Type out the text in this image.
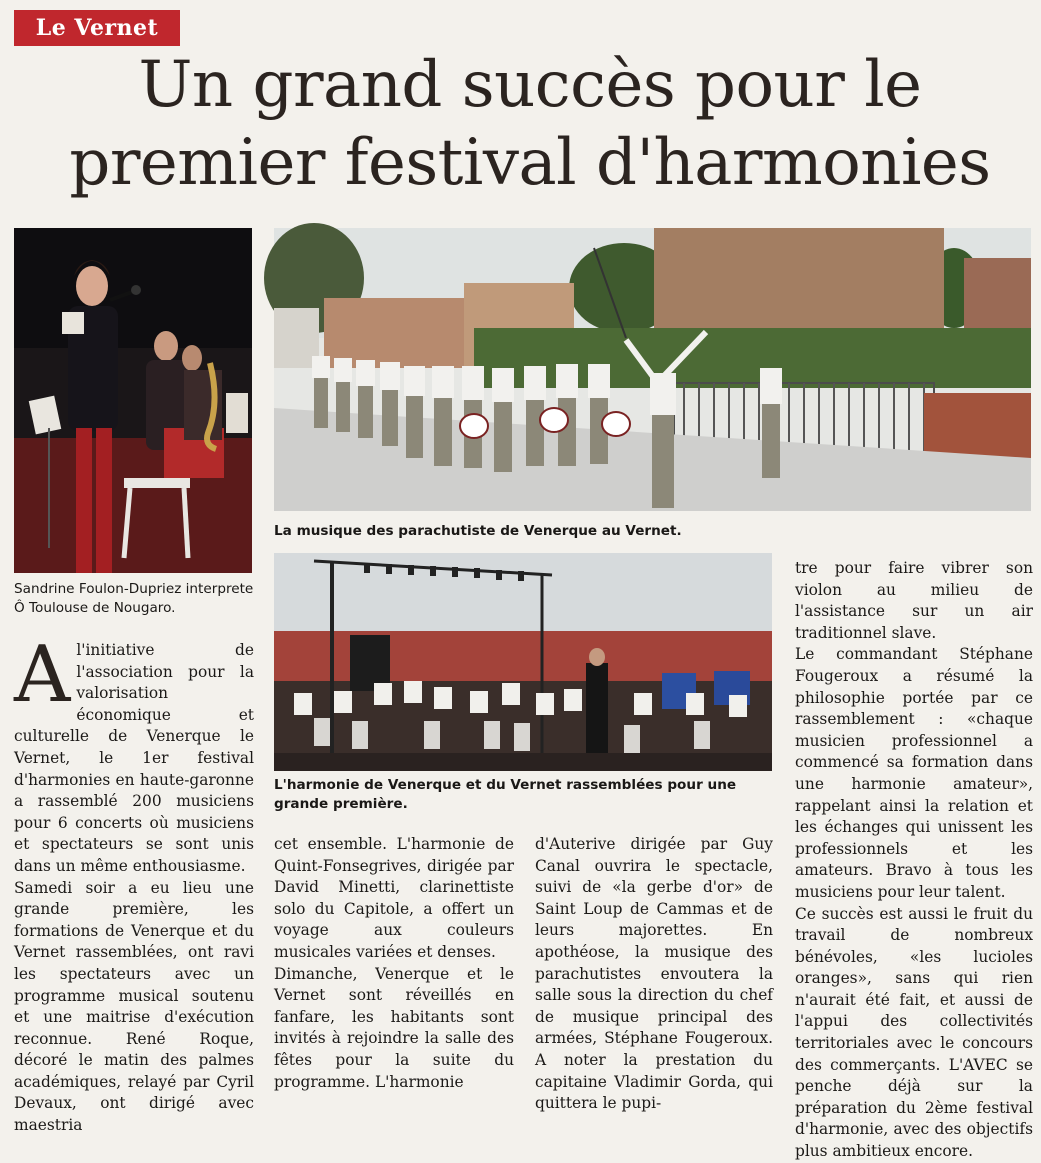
Le Vernet
Un grand succès pour le
premier festival d'harmonies
Sandrine Foulon-Dupriez interprete Ô Toulouse de Nougaro.
La musique des parachutiste de Venerque au Vernet.
L'harmonie de Venerque et du Vernet rassemblées pour une grande première.
A l'initiative de l'association pour la valorisation économique et culturelle de Venerque le Vernet, le 1er festival d'harmonies en haute-garonne a rassemblé 200 musiciens pour 6 concerts où musiciens et spectateurs se sont unis dans un même enthousiasme.

Samedi soir a eu lieu une grande première, les formations de Venerque et du Vernet rassemblées, ont ravi les spectateurs avec un programme musical soutenu et une maitrise d'exécution reconnue. René Roque, décoré le matin des palmes académiques, relayé par Cyril Devaux, ont dirigé avec maestria

cet ensemble. L'harmonie de Quint-Fonsegrives, dirigée par David Minetti, clarinettiste solo du Capitole, a offert un voyage aux couleurs musicales variées et denses.

Dimanche, Venerque et le Vernet sont réveillés en fanfare, les habitants sont invités à rejoindre la salle des fêtes pour la suite du programme. L'harmonie

d'Auterive dirigée par Guy Canal ouvrira le spectacle, suivi de «la gerbe d'or» de Saint Loup de Cammas et de leurs majorettes. En apothéose, la musique des parachutistes envoutera la salle sous la direction du chef de musique principal des armées, Stéphane Fougeroux. A noter la prestation du capitaine Vladimir Gorda, qui quittera le pupi-

tre pour faire vibrer son violon au milieu de l'assistance sur un air traditionnel slave.

Le commandant Stéphane Fougeroux a résumé la philosophie portée par ce rassemblement : «chaque musicien professionnel a commencé sa formation dans une harmonie amateur», rappelant ainsi la relation et les échanges qui unissent les professionnels et les amateurs. Bravo à tous les musiciens pour leur talent.

Ce succès est aussi le fruit du travail de nombreux bénévoles, «les lucioles oranges», sans qui rien n'aurait été fait, et aussi de l'appui des collectivités territoriales avec le concours des commerçants. L'AVEC se penche déjà sur la préparation du 2ème festival d'harmonie, avec des objectifs plus ambitieux encore.
